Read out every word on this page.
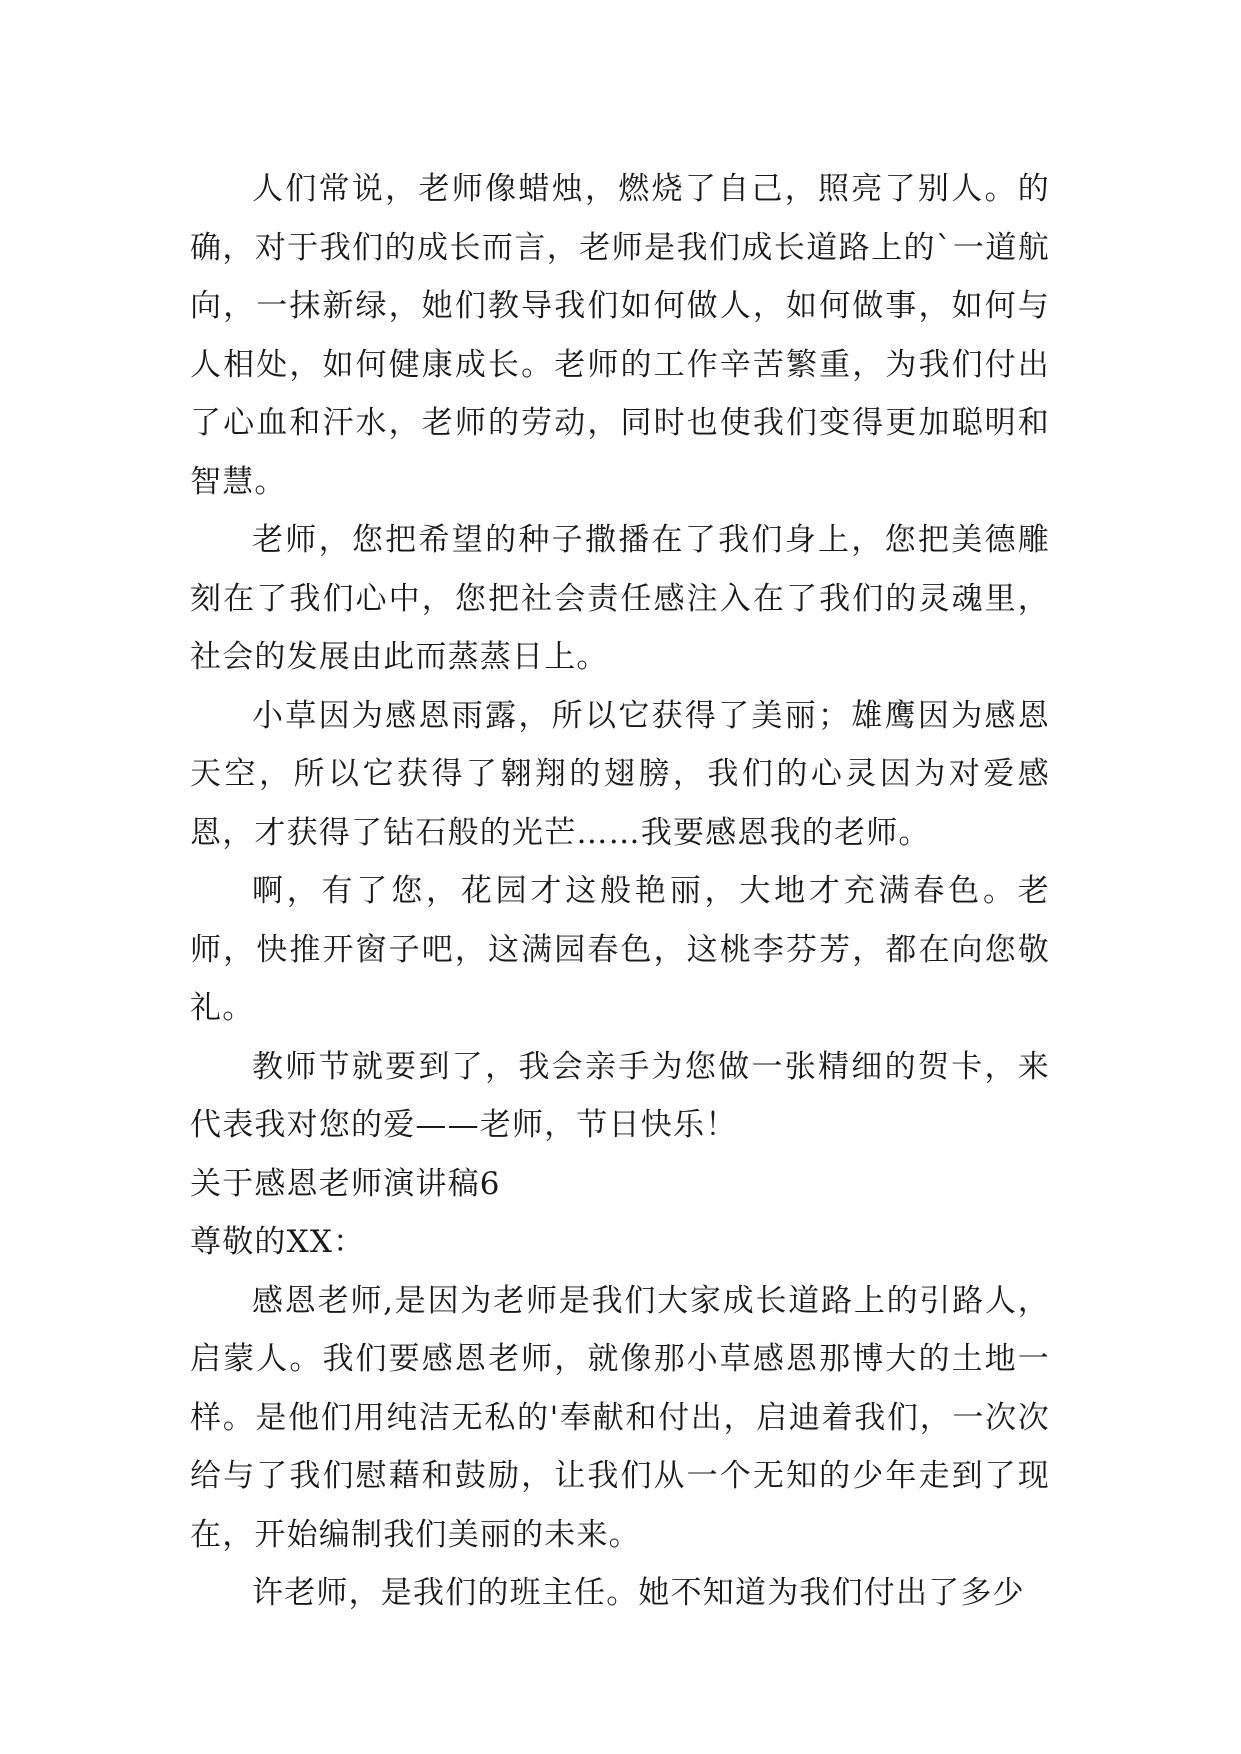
人们常说，老师像蜡烛，燃烧了自己，照亮了别人。的确，对于我们的成长而言，老师是我们成长道路上的`一道航向，一抹新绿，她们教导我们如何做人，如何做事，如何与人相处，如何健康成长。老师的工作辛苦繁重，为我们付出了心血和汗水，老师的劳动，同时也使我们变得更加聪明和智慧。

老师，您把希望的种子撒播在了我们身上，您把美德雕刻在了我们心中，您把社会责任感注入在了我们的灵魂里，社会的发展由此而蒸蒸日上。

小草因为感恩雨露，所以它获得了美丽；雄鹰因为感恩天空，所以它获得了翱翔的翅膀，我们的心灵因为对爱感恩，才获得了钻石般的光芒……我要感恩我的老师。

啊，有了您，花园才这般艳丽，大地才充满春色。老师，快推开窗子吧，这满园春色，这桃李芬芳，都在向您敬礼。

教师节就要到了，我会亲手为您做一张精细的贺卡，来代表我对您的爱——老师，节日快乐！

关于感恩老师演讲稿6

尊敬的XX：

感恩老师,是因为老师是我们大家成长道路上的引路人，启蒙人。我们要感恩老师，就像那小草感恩那博大的土地一样。是他们用纯洁无私的'奉献和付出，启迪着我们，一次次给与了我们慰藉和鼓励，让我们从一个无知的少年走到了现在，开始编制我们美丽的未来。

许老师，是我们的班主任。她不知道为我们付出了多少
